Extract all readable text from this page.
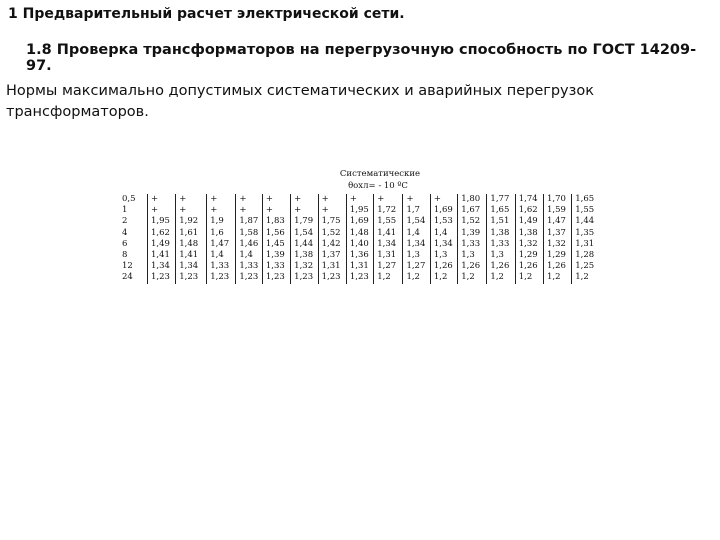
1 Предварительный расчет электрической сети.
1.8 Проверка трансформаторов на перегрузочную способность по ГОСТ 14209-97.
Нормы максимально допустимых систематических и аварийных перегрузок трансформаторов.
Систематические
θохл= - 10 ºС
0,5	+	+	+	+	+	+	+	+	+	+	+	1,80	1,77	1,74	1,70	1,65
1	+	+	+	+	+	+	+	1,95	1,72	1,7	1,69	1,67	1,65	1,62	1,59	1,55
2	1,95	1,92	1,9	1,87	1,83	1,79	1,75	1,69	1,55	1,54	1,53	1,52	1,51	1,49	1,47	1,44
4	1,62	1,61	1,6	1,58	1,56	1,54	1,52	1,48	1,41	1,4	1,4	1,39	1,38	1,38	1,37	1,35
6	1,49	1,48	1,47	1,46	1,45	1,44	1,42	1,40	1,34	1,34	1,34	1,33	1,33	1,32	1,32	1,31
8	1,41	1,41	1,4	1,4	1,39	1,38	1,37	1,36	1,31	1,3	1,3	1,3	1,3	1,29	1,29	1,28
12	1,34	1,34	1,33	1,33	1,33	1,32	1,31	1,31	1,27	1,27	1,26	1,26	1,26	1,26	1,26	1,25
24	1,23	1,23	1,23	1,23	1,23	1,23	1,23	1,23	1,2	1,2	1,2	1,2	1,2	1,2	1,2	1,2
